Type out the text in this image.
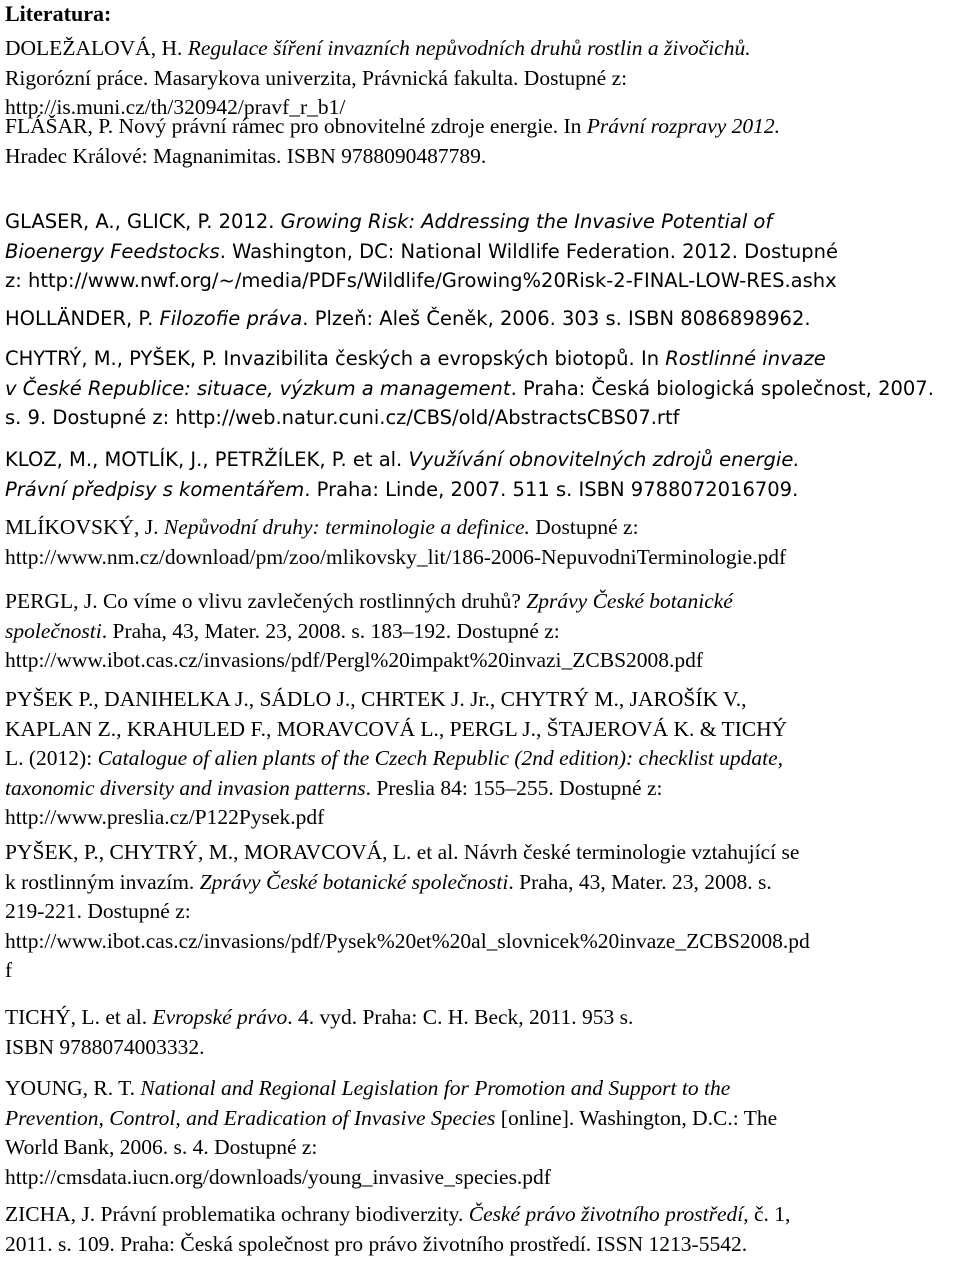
Literatura:
DOLEŽALOVÁ, H. Regulace šíření invazních nepůvodních druhů rostlin a živočichů.
Rigorózní práce. Masarykova univerzita, Právnická fakulta. Dostupné z:
http://is.muni.cz/th/320942/pravf_r_b1/
FLÁŠAR, P. Nový právní rámec pro obnovitelné zdroje energie. In Právní rozpravy 2012.
Hradec Králové: Magnanimitas. ISBN 9788090487789.
GLASER, A., GLICK, P. 2012. Growing Risk: Addressing the Invasive Potential of
Bioenergy Feedstocks. Washington, DC: National Wildlife Federation. 2012. Dostupné
z: http://www.nwf.org/~/media/PDFs/Wildlife/Growing%20Risk-2-FINAL-LOW-RES.ashx
HOLLÄNDER, P. Filozofie práva. Plzeň: Aleš Čeněk, 2006. 303 s. ISBN 8086898962.
CHYTRÝ, M., PYŠEK, P. Invazibilita českých a evropských biotopů. In Rostlinné invaze
v České Republice: situace, výzkum a management. Praha: Česká biologická společnost, 2007.
s. 9. Dostupné z: http://web.natur.cuni.cz/CBS/old/AbstractsCBS07.rtf
KLOZ, M., MOTLÍK, J., PETRŽÍLEK, P. et al. Využívání obnovitelných zdrojů energie.
Právní předpisy s komentářem. Praha: Linde, 2007. 511 s. ISBN 9788072016709.
MLÍKOVSKÝ, J. Nepůvodní druhy: terminologie a definice. Dostupné z:
http://www.nm.cz/download/pm/zoo/mlikovsky_lit/186-2006-NepuvodniTerminologie.pdf
PERGL, J. Co víme o vlivu zavlečených rostlinných druhů? Zprávy České botanické
společnosti. Praha, 43, Mater. 23, 2008. s. 183–192. Dostupné z:
http://www.ibot.cas.cz/invasions/pdf/Pergl%20impakt%20invazi_ZCBS2008.pdf
PYŠEK P., DANIHELKA J., SÁDLO J., CHRTEK J. Jr., CHYTRÝ M., JAROŠÍK V.,
KAPLAN Z., KRAHULED F., MORAVCOVÁ L., PERGL J., ŠTAJEROVÁ K. & TICHÝ
L. (2012): Catalogue of alien plants of the Czech Republic (2nd edition): checklist update,
taxonomic diversity and invasion patterns. Preslia 84: 155–255. Dostupné z:
http://www.preslia.cz/P122Pysek.pdf
PYŠEK, P., CHYTRÝ, M., MORAVCOVÁ, L. et al. Návrh české terminologie vztahující se
k rostlinným invazím. Zprávy České botanické společnosti. Praha, 43, Mater. 23, 2008. s.
219-221. Dostupné z:
http://www.ibot.cas.cz/invasions/pdf/Pysek%20et%20al_slovnicek%20invaze_ZCBS2008.pd
f
TICHÝ, L. et al. Evropské právo. 4. vyd. Praha: C. H. Beck, 2011. 953 s.
ISBN 9788074003332.
YOUNG, R. T. National and Regional Legislation for Promotion and Support to the
Prevention, Control, and Eradication of Invasive Species [online]. Washington, D.C.: The
World Bank, 2006. s. 4. Dostupné z:
http://cmsdata.iucn.org/downloads/young_invasive_species.pdf
ZICHA, J. Právní problematika ochrany biodiverzity. České právo životního prostředí, č. 1,
2011. s. 109. Praha: Česká společnost pro právo životního prostředí. ISSN 1213-5542.
